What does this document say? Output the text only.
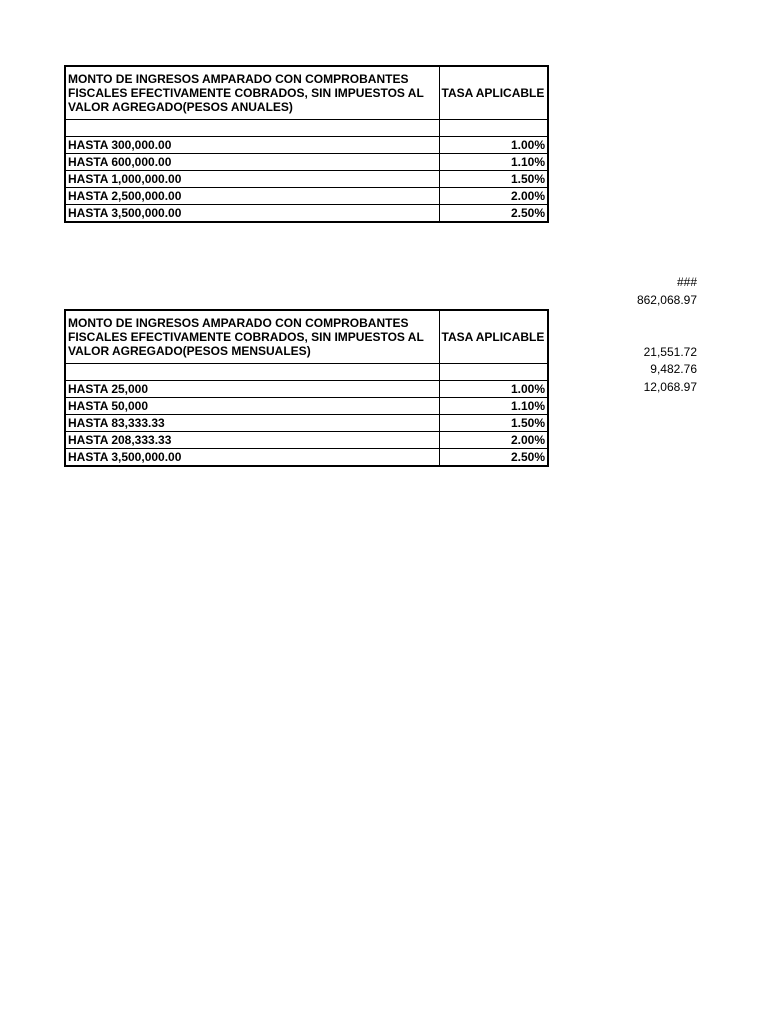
MONTO DE INGRESOS AMPARADO CON COMPROBANTES FISCALES EFECTIVAMENTE COBRADOS, SIN IMPUESTOS AL VALOR AGREGADO(PESOS ANUALES)	TASA APLICABLE

HASTA 300,000.00	1.00%
HASTA 600,000.00	1.10%
HASTA 1,000,000.00	1.50%
HASTA 2,500,000.00	2.00%
HASTA 3,500,000.00	2.50%
###
862,068.97
21,551.72
9,482.76
12,068.97
MONTO DE INGRESOS AMPARADO CON COMPROBANTES FISCALES EFECTIVAMENTE COBRADOS, SIN IMPUESTOS AL VALOR AGREGADO(PESOS MENSUALES)	TASA APLICABLE

HASTA 25,000	1.00%
HASTA 50,000	1.10%
HASTA 83,333.33	1.50%
HASTA 208,333.33	2.00%
HASTA 3,500,000.00	2.50%
